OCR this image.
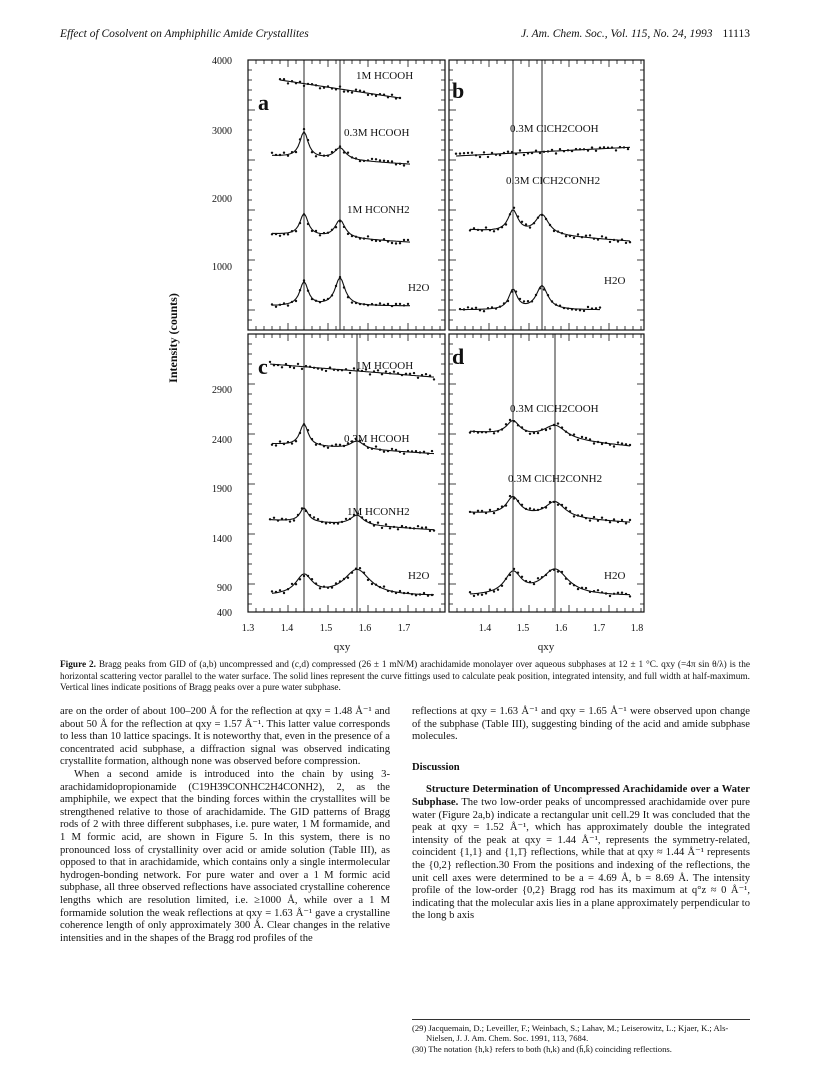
Effect of Cosolvent on Amphiphilic Amide Crystallites	J. Am. Chem. Soc., Vol. 115, No. 24, 1993 11113
a	b
c	d
1M HCOOH
0.3M HCOOH
1M HCONH2
H2O
0.3M ClCH2COOH
0.3M ClCH2CONH2
H2O
1M HCOOH
0.3M HCOOH
1M HCONH2
H2O
0.3M ClCH2COOH
0.3M ClCH2CONH2
H2O
4000
3000
2000
1000
2900
2400
1900
1400
900
400
1.3	1.4	1.5	1.6	1.7	1.4	1.5	1.6	1.7	1.8
qxy	qxy
Intensity (counts)
Figure 2. Bragg peaks from GID of (a,b) uncompressed and (c,d) compressed (26 ± 1 mN/M) arachidamide monolayer over aqueous subphases at 12 ± 1 °C. qxy (=4π sin θ/λ) is the horizontal scattering vector parallel to the water surface. The solid lines represent the curve fittings used to calculate peak position, integrated intensity, and full width at half-maximum. Vertical lines indicate positions of Bragg peaks over a pure water subphase.

are on the order of about 100–200 Å for the reflection at qxy = 1.48 Å⁻¹ and about 50 Å for the reflection at qxy = 1.57 Å⁻¹. This latter value corresponds to less than 10 lattice spacings. It is noteworthy that, even in the presence of a concentrated acid subphase, a diffraction signal was observed indicating crystallite formation, although none was observed before compression.

When a second amide is introduced into the chain by using 3-arachidamidopropionamide (C19H39CONHC2H4CONH2), 2, as the amphiphile, we expect that the binding forces within the crystallites will be strengthened relative to those of arachidamide. The GID patterns of Bragg rods of 2 with three different subphases, i.e. pure water, 1 M formamide, and 1 M formic acid, are shown in Figure 5. In this system, there is no pronounced loss of crystallinity over acid or amide solution (Table III), as opposed to that in arachidamide, which contains only a single intermolecular hydrogen-bonding network. For pure water and over a 1 M formic acid subphase, all three observed reflections have associated crystalline coherence lengths which are resolution limited, i.e. ≥1000 Å, while over a 1 M formamide solution the weak reflections at qxy = 1.63 Å⁻¹ gave a crystalline coherence length of only approximately 300 Å. Clear changes in the relative intensities and in the shapes of the Bragg rod profiles of the

reflections at qxy = 1.63 Å⁻¹ and qxy = 1.65 Å⁻¹ were observed upon change of the subphase (Table III), suggesting binding of the acid and amide subphase molecules.

Discussion

Structure Determination of Uncompressed Arachidamide over a Water Subphase. The two low-order peaks of uncompressed arachidamide over pure water (Figure 2a,b) indicate a rectangular unit cell.29 It was concluded that the peak at qxy = 1.52 Å⁻¹, which has approximately double the integrated intensity of the peak at qxy = 1.44 Å⁻¹, represents the symmetry-related, coincident {1,1} and {1,1̄} reflections, while that at qxy ≈ 1.44 Å⁻¹ represents the {0,2} reflection.30 From the positions and indexing of the reflections, the unit cell axes were determined to be a = 4.69 Å, b = 8.69 Å. The intensity profile of the low-order {0,2} Bragg rod has its maximum at q°z ≈ 0 Å⁻¹, indicating that the molecular axis lies in a plane approximately perpendicular to the long b axis

(29) Jacquemain, D.; Leveiller, F.; Weinbach, S.; Lahav, M.; Leiserowitz, L.; Kjaer, K.; Als-Nielsen, J. J. Am. Chem. Soc. 1991, 113, 7684.

(30) The notation {h,k} refers to both (h,k) and (h̄,k̄) coinciding reflections.
